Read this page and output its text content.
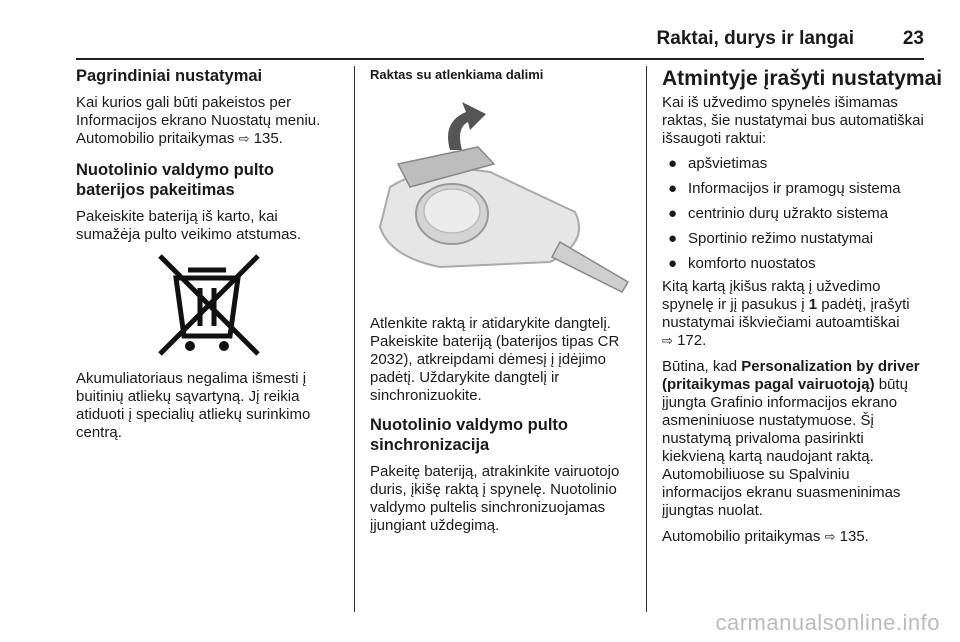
Raktai, durys ir langai	23
Pagrindiniai nustatymai

Kai kurios gali būti pakeistos per Informacijos ekrano Nuostatų meniu. Automobilio pritaikymas ⇨ 135.

Nuotolinio valdymo pulto baterijos pakeitimas

Pakeiskite bateriją iš karto, kai sumažėja pulto veikimo atstumas.

Akumuliatoriaus negalima išmesti į buitinių atliekų sąvartyną. Jį reikia atiduoti į specialių atliekų surinkimo centrą.

Raktas su atlenkiama dalimi

Atlenkite raktą ir atidarykite dangtelį. Pakeiskite bateriją (baterijos tipas CR 2032), atkreipdami dėmesį į įdėjimo padėtį. Uždarykite dangtelį ir sinchronizuokite.

Nuotolinio valdymo pulto sinchronizacija

Pakeitę bateriją, atrakinkite vairuotojo duris, įkišę raktą į spynelę. Nuotolinio valdymo pultelis sinchronizuojamas įjungiant uždegimą.

Atmintyje įrašyti nustatymai

Kai iš užvedimo spynelės išimamas raktas, šie nustatymai bus automatiškai išsaugoti raktui:

● apšvietimas
● Informacijos ir pramogų sistema
● centrinio durų užrakto sistema
● Sportinio režimo nustatymai
● komforto nuostatos

Kitą kartą įkišus raktą į užvedimo spynelę ir jį pasukus į 1 padėtį, įrašyti nustatymai iškviečiami autoamtiškai
⇨ 172.

Būtina, kad Personalization by driver (pritaikymas pagal vairuotoją) būtų įjungta Grafinio informacijos ekrano asmeniniuose nustatymuose. Šį nustatymą privaloma pasirinkti kiekvieną kartą naudojant raktą. Automobiliuose su Spalviniu informacijos ekranu suasmeninimas įjungtas nuolat.

Automobilio pritaikymas ⇨ 135.

carmanualsonline.info
